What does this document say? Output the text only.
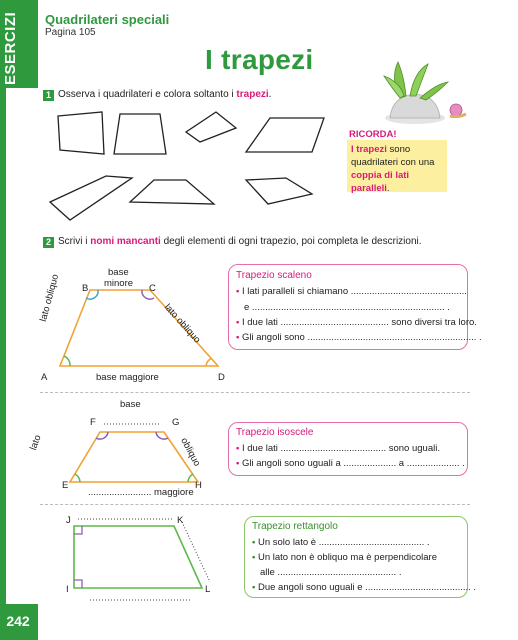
ESERCIZI
242
Quadrilateri speciali
Pagina 105
I trapezi
1 Osserva i quadrilateri e colora soltanto i trapezi.
RICORDA!
I trapezi sono
quadrilateri con una
coppia di lati paralleli.
2 Scrivi i nomi mancanti degli elementi di ogni trapezio, poi completa le descrizioni.
base
minore
B	C
A	D
lato obliquo
lato obliquo
base maggiore
Trapezio scaleno
• I lati paralleli si chiamano ............................................
e ......................................................................... .
• I due lati ......................................... sono diversi tra loro.
• Gli angoli sono ................................................................ .
base
F	G
E	H
lato	obliquo
........................ maggiore
Trapezio isoscele
• I due lati ........................................ sono uguali.
• Gli angoli sono uguali a .................... a .................... .
J	K
I	L
Trapezio rettangolo
• Un solo lato è ........................................ .
• Un lato non è obliquo ma è perpendicolare
alle ............................................. .
• Due angoli sono uguali e ........................................ .
